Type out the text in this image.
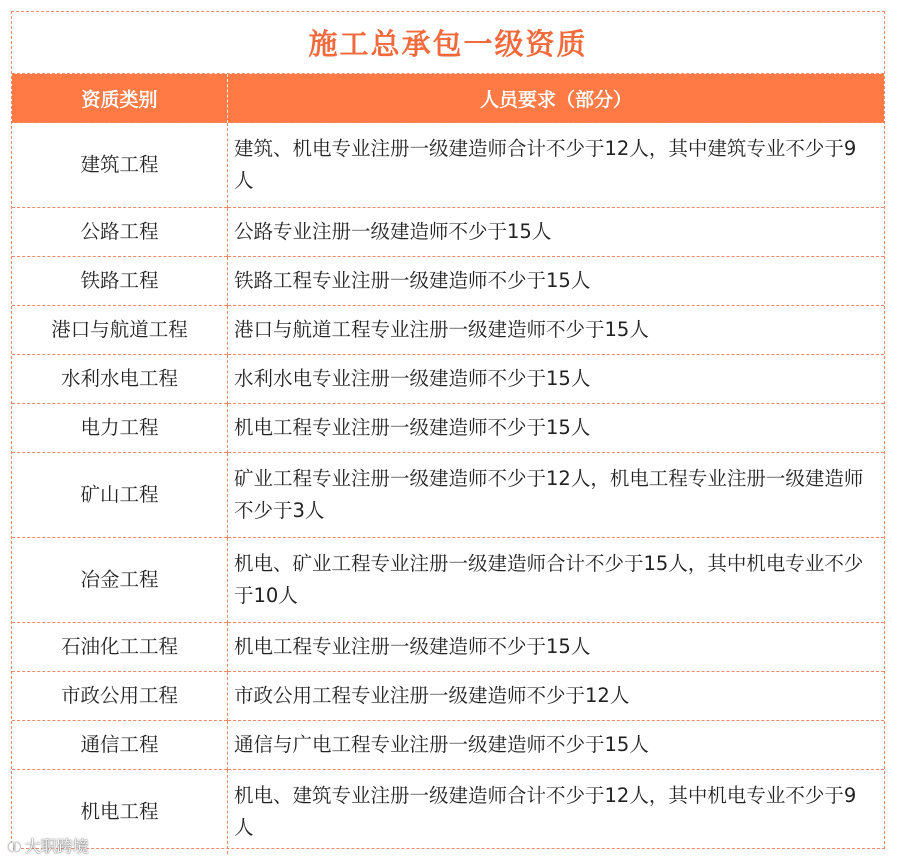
施工总承包一级资质
资质类别	人员要求（部分）
建筑工程	建筑、机电专业注册一级建造师合计不少于12人，其中建筑专业不少于9人
公路工程	公路专业注册一级建造师不少于15人
铁路工程	铁路工程专业注册一级建造师不少于15人
港口与航道工程	港口与航道工程专业注册一级建造师不少于15人
水利水电工程	水利水电专业注册一级建造师不少于15人
电力工程	机电工程专业注册一级建造师不少于15人
矿山工程	矿业工程专业注册一级建造师不少于12人，机电工程专业注册一级建造师不少于3人
冶金工程	机电、矿业工程专业注册一级建造师合计不少于15人，其中机电专业不少于10人
石油化工工程	机电工程专业注册一级建造师不少于15人
市政公用工程	市政公用工程专业注册一级建造师不少于12人
通信工程	通信与广电工程专业注册一级建造师不少于15人
机电工程	机电、建筑专业注册一级建造师合计不少于12人，其中机电专业不少于9人
◖◗ 大职跨境
